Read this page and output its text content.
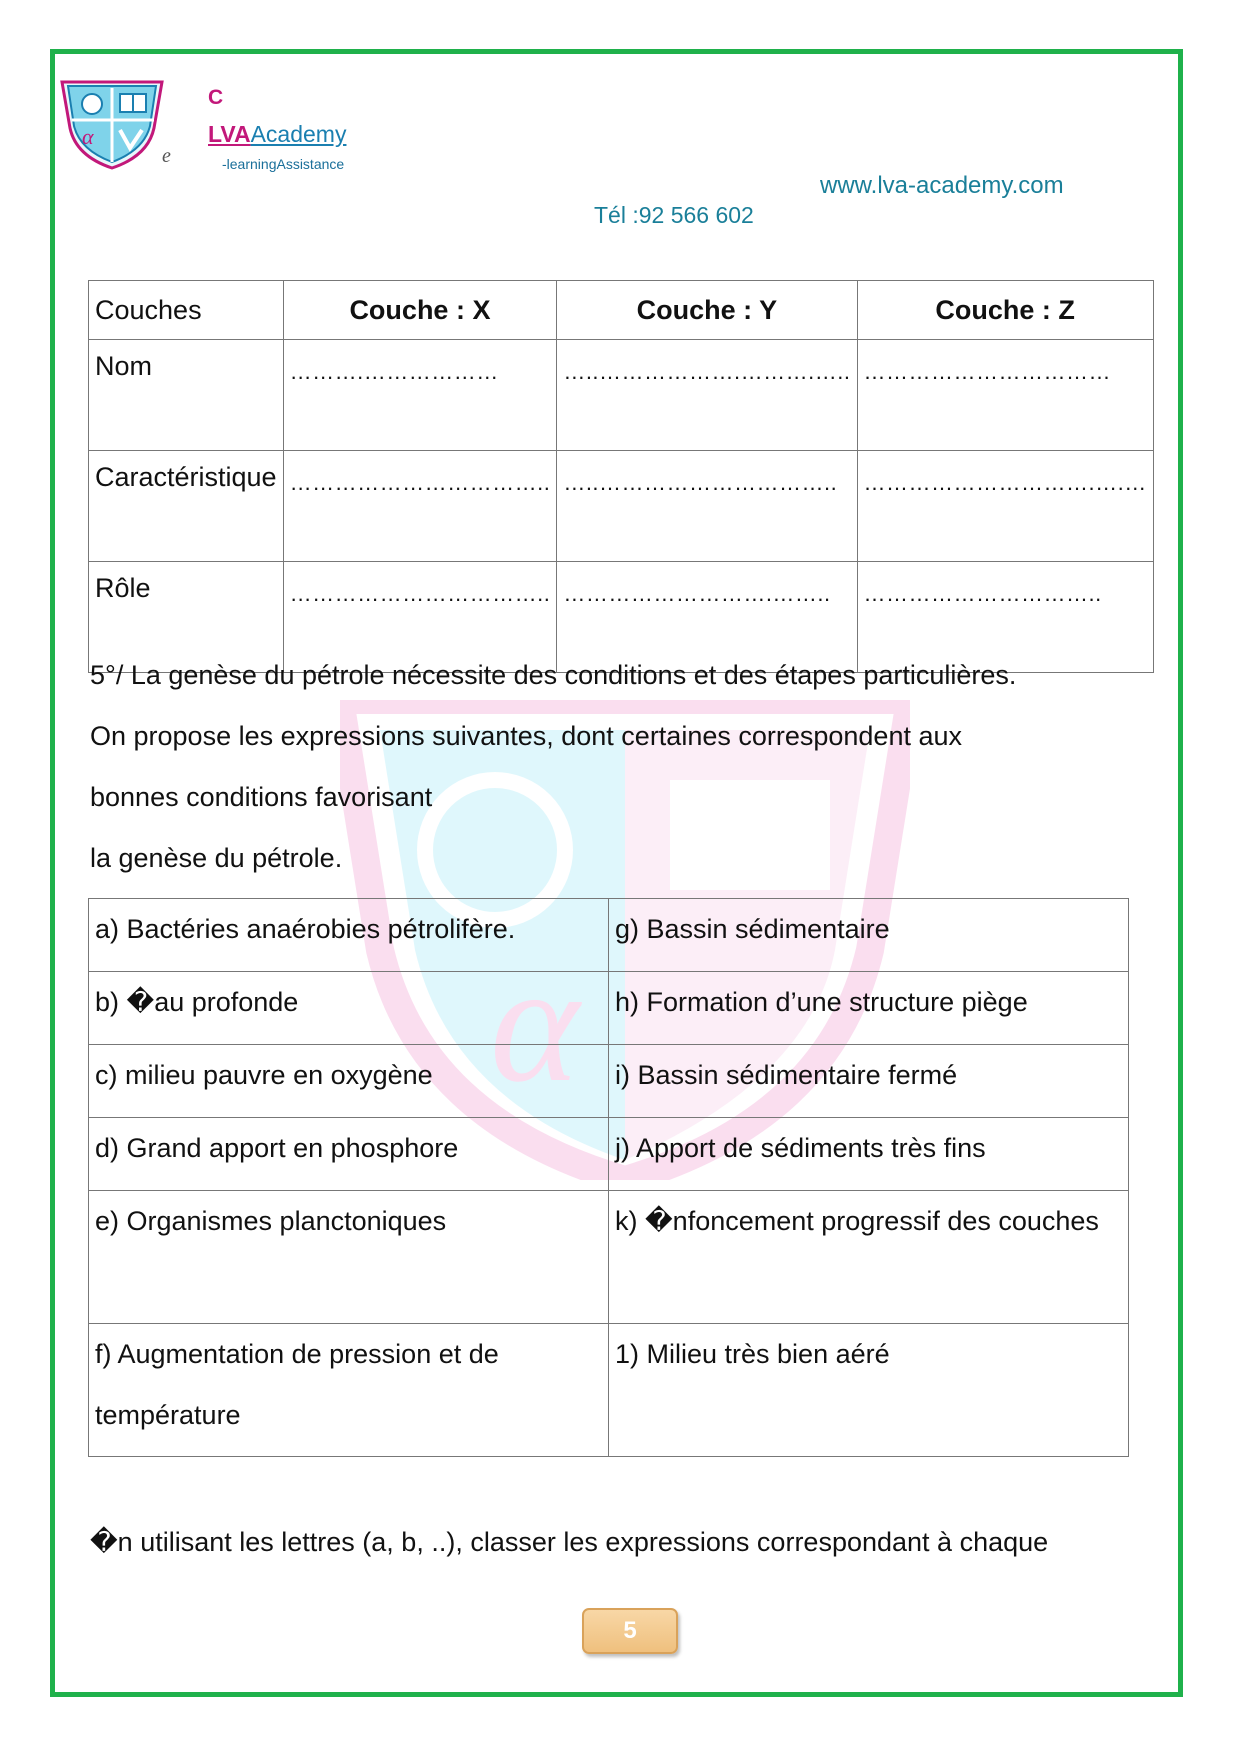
α
C
LVAAcademy
e	-learningAssistance
www.lva-academy.com
Tél :92 566 602
α
Couches	Couche : X	Couche : Y	Couche : Z
Nom	……….………………	…..……………….……….…..	……………………………
Caractéristique	……………………………..	…..…………………………..	………………………….….…
Rôle	……………………………..	……………………….……..	…………………………..
5°/ La genèse du pétrole nécessite des conditions et des étapes particulières.
On propose les expressions suivantes, dont certaines correspondent aux
bonnes conditions favorisant
la genèse du pétrole.
a) Bactéries anaérobies pétrolifère.	g) Bassin sédimentaire
b) �au profonde	h) Formation d’une structure piège
c) milieu pauvre en oxygène	i) Bassin sédimentaire fermé
d) Grand apport en phosphore	j) Apport de sédiments très fins
e) Organismes planctoniques	k) �nfoncement progressif des couches
f) Augmentation de pression et de température	1) Milieu très bien aéré
�n utilisant les lettres (a, b, ..), classer les expressions correspondant à chaque
5
